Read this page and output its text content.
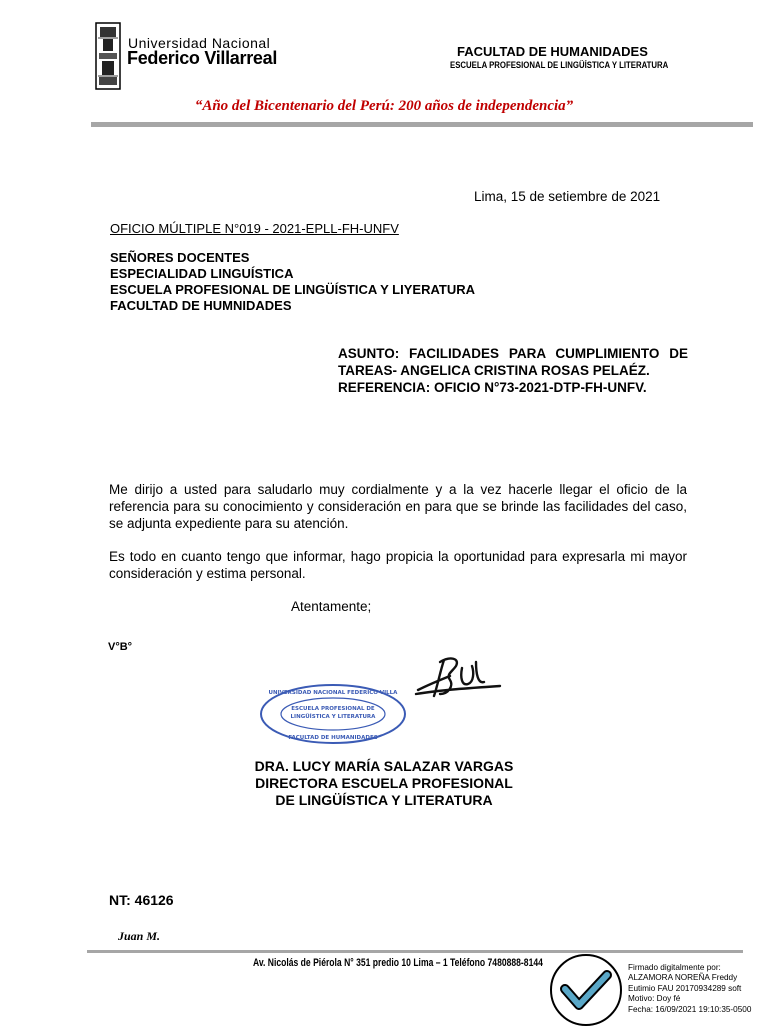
Universidad Nacional
Federico Villarreal	FACULTAD DE HUMANIDADES
ESCUELA PROFESIONAL DE LINGÜÍSTICA Y LITERATURA
“Año del Bicentenario del Perú: 200 años de independencia”
Lima, 15 de setiembre de 2021
OFICIO MÚLTIPLE N°019 - 2021-EPLL-FH-UNFV
SEÑORES DOCENTES
ESPECIALIDAD LINGUÍSTICA
ESCUELA PROFESIONAL DE LINGÜÍSTICA Y LIYERATURA
FACULTAD DE HUMNIDADES
ASUNTO: FACILIDADES PARA CUMPLIMIENTO DE TAREAS- ANGELICA CRISTINA ROSAS PELAÉZ.
REFERENCIA: OFICIO N°73-2021-DTP-FH-UNFV.
Me dirijo a usted para saludarlo muy cordialmente y a la vez hacerle llegar el oficio de la referencia para su conocimiento y consideración en para que se brinde las facilidades del caso, se adjunta expediente para su atención.
Es todo en cuanto tengo que informar, hago propicia la oportunidad para expresarla mi mayor consideración y estima personal.
Atentamente;
V°B°
UNIVERSIDAD NACIONAL FEDERICO VILLA
ESCUELA PROFESIONAL DE
LINGÜÍSTICA Y LITERATURA
FACULTAD DE HUMANIDADES
DRA. LUCY MARÍA SALAZAR VARGAS
DIRECTORA ESCUELA PROFESIONAL
DE LINGÜÍSTICA Y LITERATURA
NT: 46126
Juan M.
Av. Nicolás de Piérola N° 351 predio 10 Lima – 1 Teléfono 7480888-8144	Firmado digitalmente por:
ALZAMORA NOREÑA Freddy
Eutimio FAU 20170934289 soft
Motivo: Doy fé
Fecha: 16/09/2021 19:10:35-0500
